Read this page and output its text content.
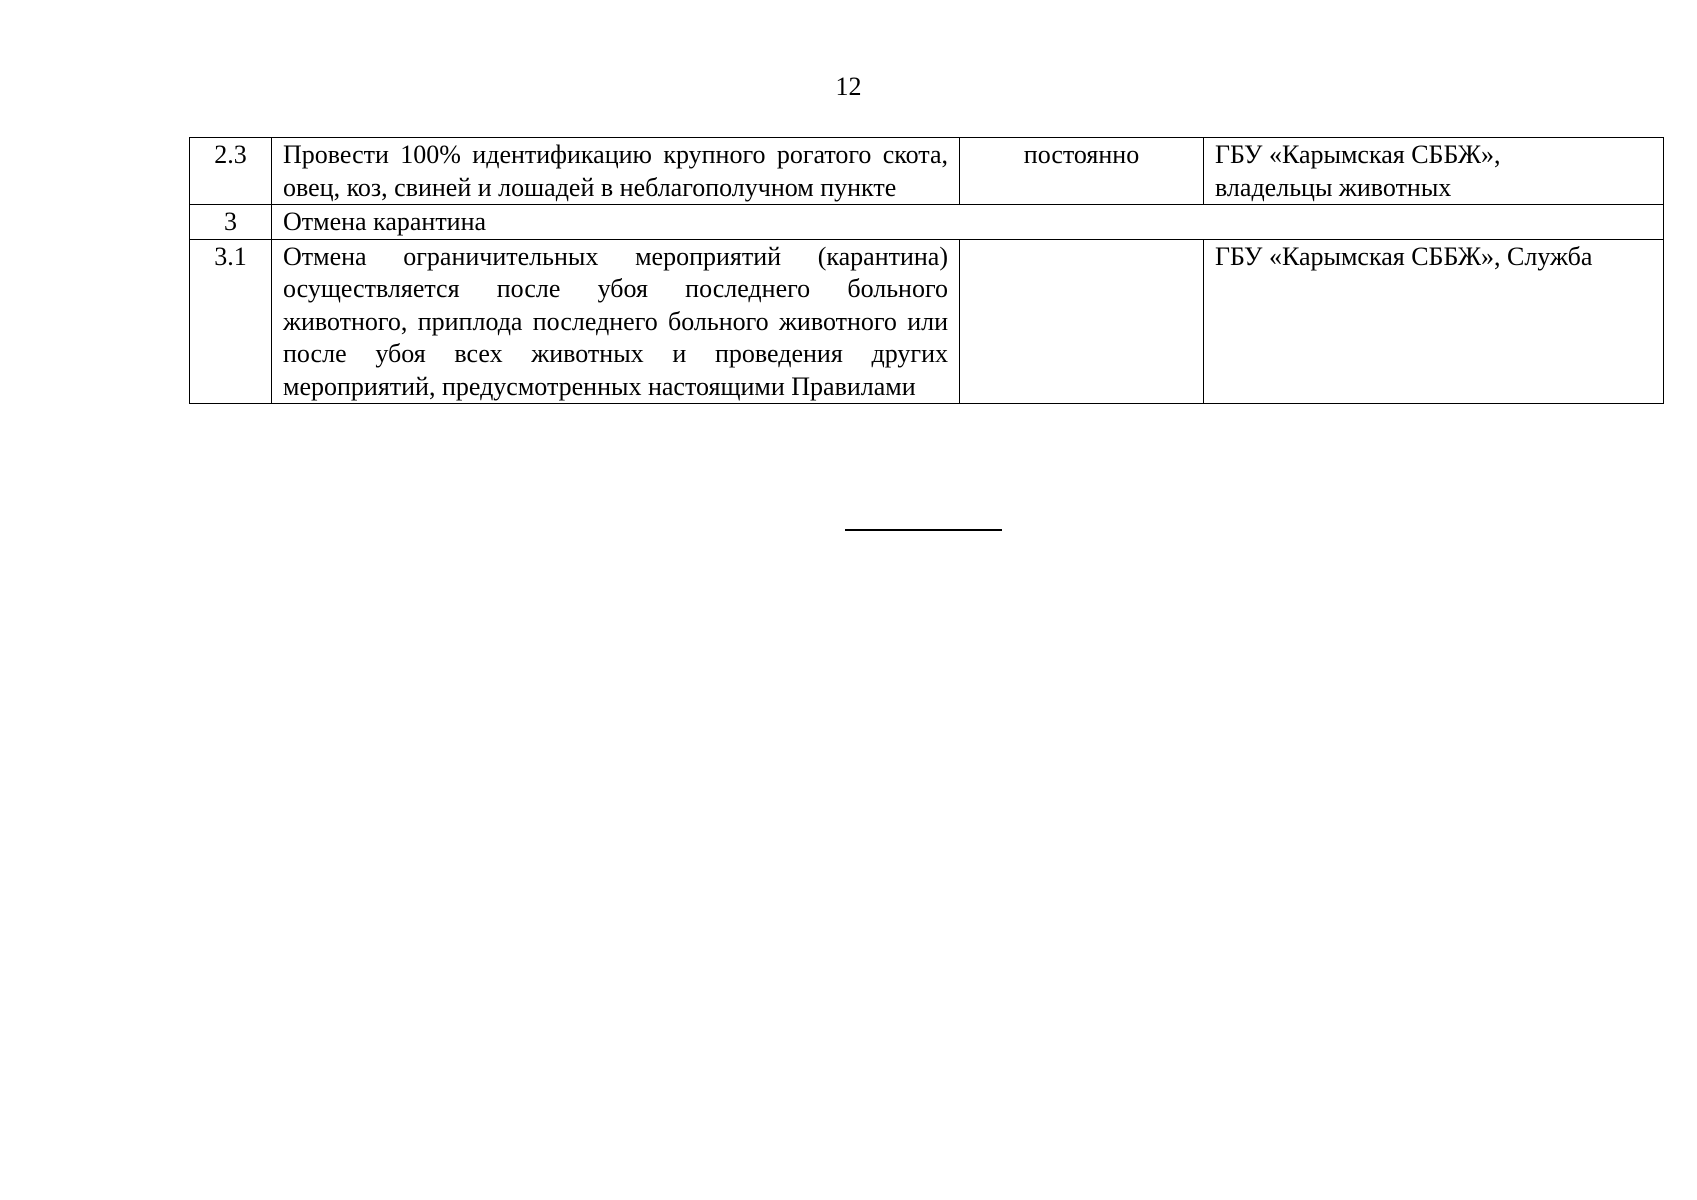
12
2.3	Провести 100% идентификацию крупного рогатого скота, овец, коз, свиней и лошадей в неблагополучном пункте	постоянно	ГБУ «Карымская СББЖ»,
владельцы животных

3	Отмена карантина		
3.1	Отмена ограничительных мероприятий (карантина) осуществляется после убоя последнего больного животного, приплода последнего больного животного или после убоя всех животных и проведения других мероприятий, предусмотренных настоящими Правилами		ГБУ «Карымская СББЖ», Служба
